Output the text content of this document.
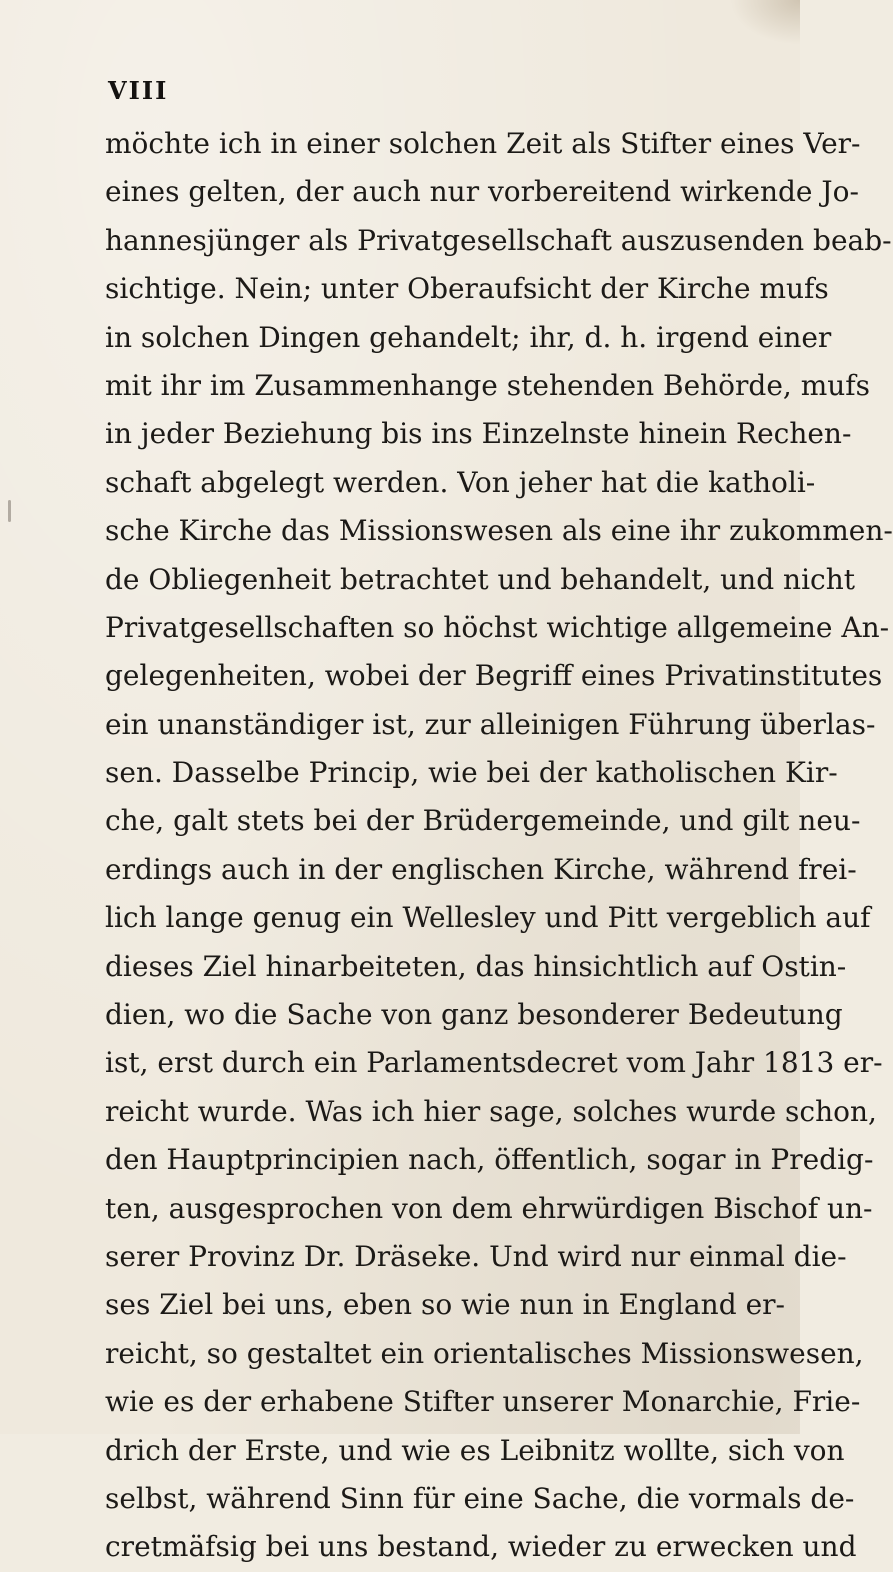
VIII
möchte ich in einer solchen Zeit als Stifter eines Ver-
eines gelten, der auch nur vorbereitend wirkende Jo-
hannesjünger als Privatgesellschaft auszusenden beab-
sichtige. Nein; unter Oberaufsicht der Kirche mufs
in solchen Dingen gehandelt; ihr, d. h. irgend einer
mit ihr im Zusammenhange stehenden Behörde, mufs
in jeder Beziehung bis ins Einzelnste hinein Rechen-
schaft abgelegt werden. Von jeher hat die katholi-
sche Kirche das Missionswesen als eine ihr zukommen-
de Obliegenheit betrachtet und behandelt, und nicht
Privatgesellschaften so höchst wichtige allgemeine An-
gelegenheiten, wobei der Begriff eines Privatinstitutes
ein unanständiger ist, zur alleinigen Führung überlas-
sen. Dasselbe Princip, wie bei der katholischen Kir-
che, galt stets bei der Brüdergemeinde, und gilt neu-
erdings auch in der englischen Kirche, während frei-
lich lange genug ein Wellesley und Pitt vergeblich auf
dieses Ziel hinarbeiteten, das hinsichtlich auf Ostin-
dien, wo die Sache von ganz besonderer Bedeutung
ist, erst durch ein Parlamentsdecret vom Jahr 1813 er-
reicht wurde. Was ich hier sage, solches wurde schon,
den Hauptprincipien nach, öffentlich, sogar in Predig-
ten, ausgesprochen von dem ehrwürdigen Bischof un-
serer Provinz Dr. Dräseke. Und wird nur einmal die-
ses Ziel bei uns, eben so wie nun in England er-
reicht, so gestaltet ein orientalisches Missionswesen,
wie es der erhabene Stifter unserer Monarchie, Frie-
drich der Erste, und wie es Leibnitz wollte, sich von
selbst, während Sinn für eine Sache, die vormals de-
cretmäfsig bei uns bestand, wieder zu erwecken und
